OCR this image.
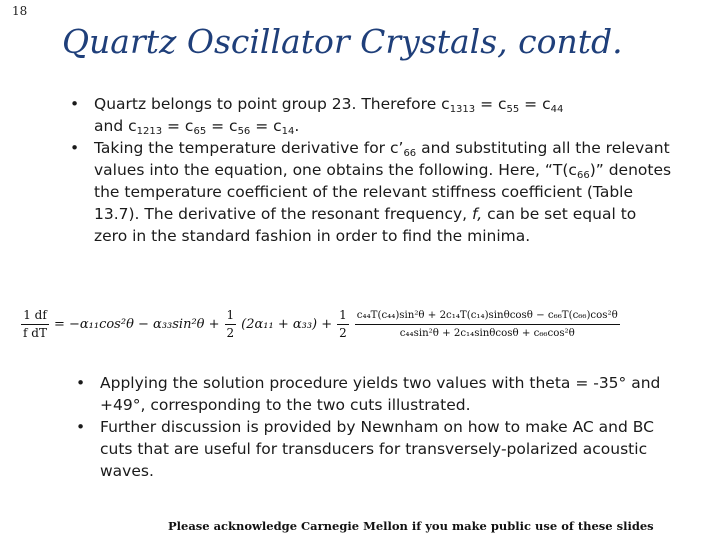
18
Quartz Oscillator Crystals, contd.
• Quartz belongs to point group 23. Therefore $c_{1313} = c_{55} = c_{44}$
and $c_{1213} = c_{65} = c_{56} = c_{14}$.
• Taking the temperature derivative for $c’_{66}$ and substituting all the relevant values into the equation, one obtains the following. Here, “$T(c_{66})$” denotes the temperature coefficient of the relevant stiffness coefficient (Table 13.7). The derivative of the resonant frequency, f, can be set equal to zero in the standard fashion in order to find the minima.
$\frac{1 df}{\text{f dT}} = -\alpha_{11}\cos^2\theta - \alpha_{33}\sin^2\theta + \frac{1}{2} (2\alpha_{11} + \alpha_{33}) + \frac{1}{2} \frac{\text{c₄₄T(c₄₄)sin²θ + 2c₁₄T(c₁₄)sinθcosθ − c₆₆T(c₆₆)cos²θ}}{\text{c₄₄sin²θ + 2c₁₄sinθcosθ + c₆₆cos²θ}}$
• Applying the solution procedure yields two values with theta = -35° and +49°, corresponding to the two cuts illustrated.
• Further discussion is provided by Newnham on how to make AC and BC cuts that are useful for transducers for transversely-polarized acoustic waves.
Please acknowledge Carnegie Mellon if you make public use of these slides
